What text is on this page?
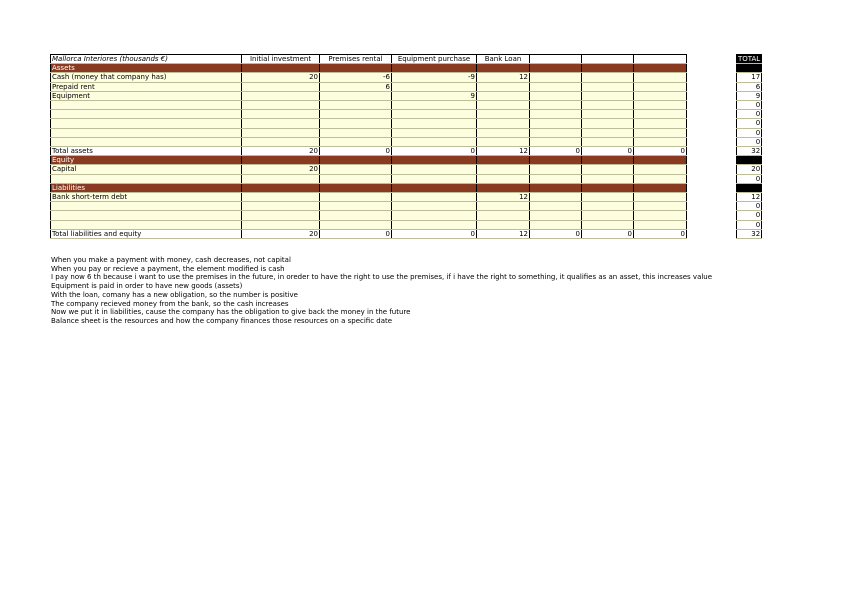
Mallorca Interiores (thousands €)	Initial investment	Premises rental	Equipment purchase	Bank Loan					TOTAL
Assets									
Cash (money that company has)	20	-6	-9	12					17
Prepaid rent		6							6
Equipment			9						9
									0
									0
									0
									0
									0
Total assets	20	0	0	12	0	0	0		32
Equity									
Capital	20								20
									0
Liabilities									
Bank short-term debt				12					12
									0
									0
									0
Total liabilities and equity	20	0	0	12	0	0	0		32
When you make a payment with money, cash decreases, not capital
When you pay or recieve a payment, the element modified is cash
I pay now 6 th because i want to use the premises in the future, in oreder to have the right to use the premises, if i have the right to something, it qualifies as an asset, this increases value
Equipment is paid in order to have new goods (assets)
With the loan, comany has a new obligation, so the number is positive
The company recieved money from the bank, so the cash increases
Now we put it in liabilities, cause the company has the obligation to give back the money in the future
Balance sheet is the resources and how the company finances those resources on a specific date
